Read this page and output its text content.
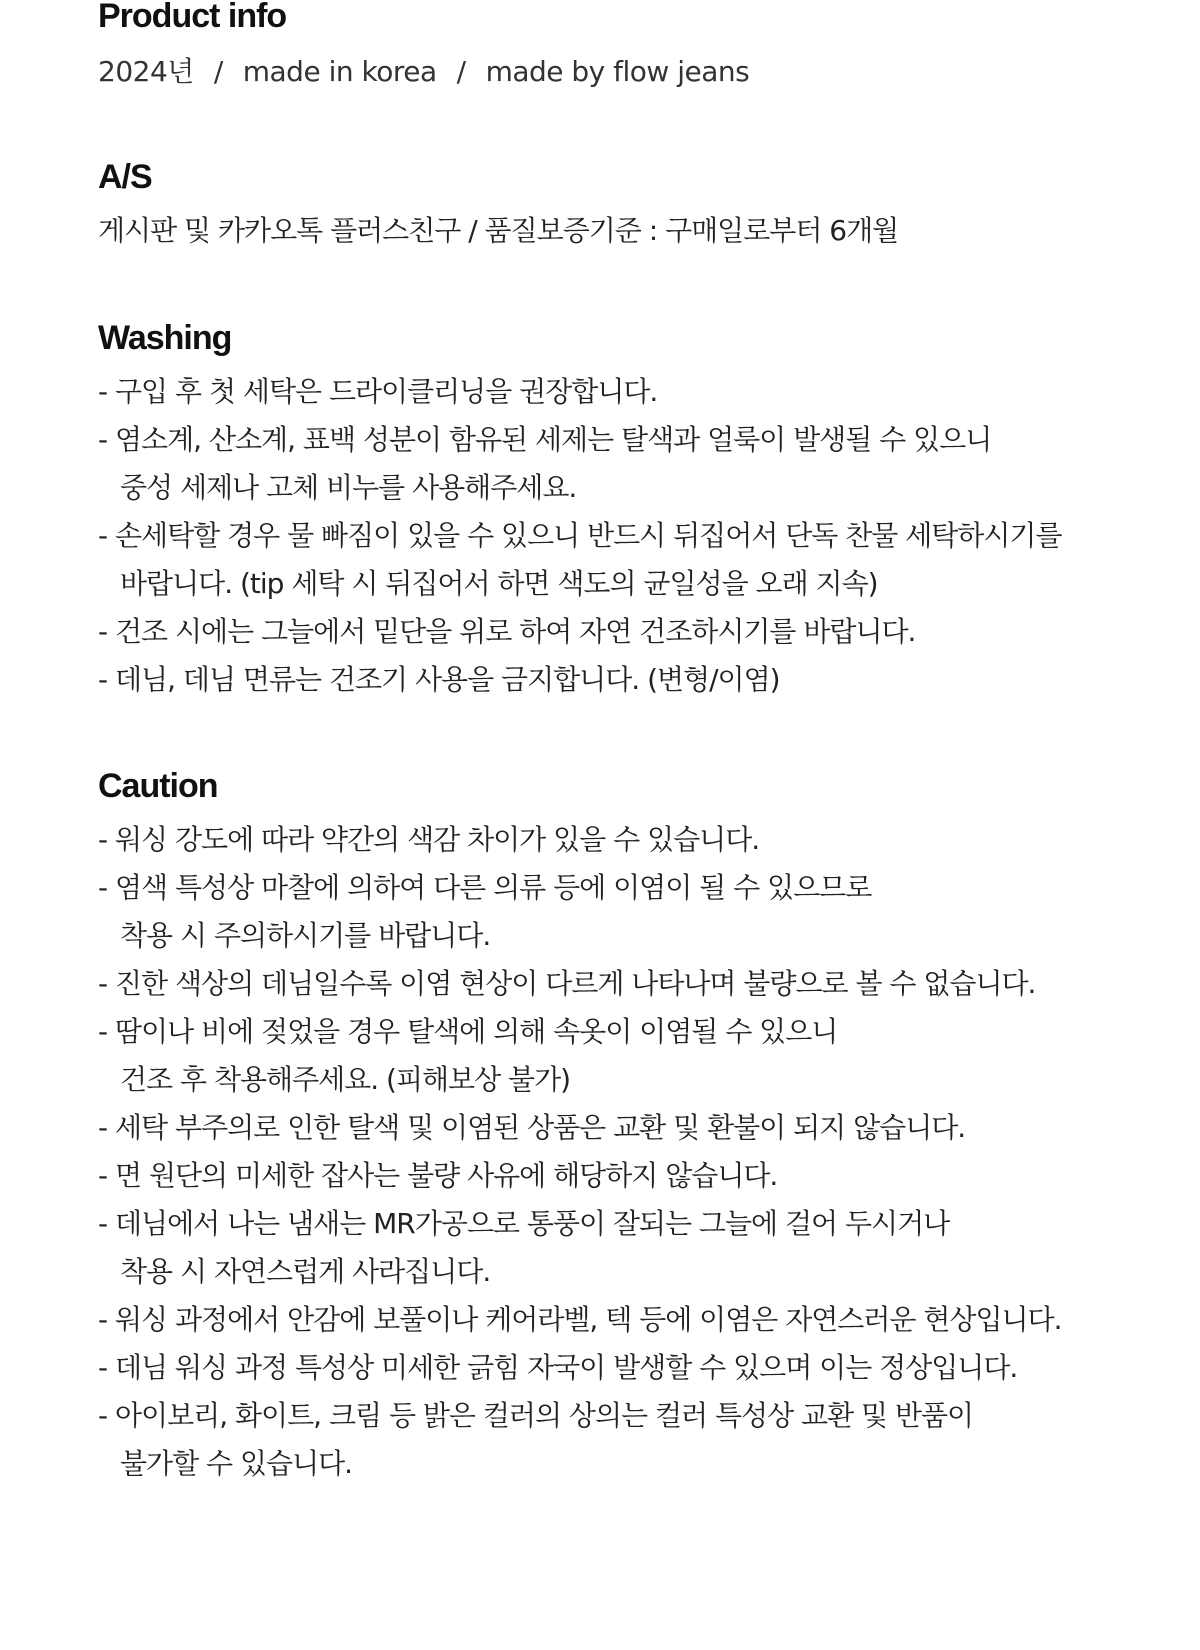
Product info

2024년 / made in korea / made by flow jeans

A/S

게시판 및 카카오톡 플러스친구 / 품질보증기준 : 구매일로부터 6개월

Washing

- 구입 후 첫 세탁은 드라이클리닝을 권장합니다.

- 염소계, 산소계, 표백 성분이 함유된 세제는 탈색과 얼룩이 발생될 수 있으니

중성 세제나 고체 비누를 사용해주세요.

- 손세탁할 경우 물 빠짐이 있을 수 있으니 반드시 뒤집어서 단독 찬물 세탁하시기를

바랍니다. (tip 세탁 시 뒤집어서 하면 색도의 균일성을 오래 지속)

- 건조 시에는 그늘에서 밑단을 위로 하여 자연 건조하시기를 바랍니다.

- 데님, 데님 면류는 건조기 사용을 금지합니다. (변형/이염)

Caution

- 워싱 강도에 따라 약간의 색감 차이가 있을 수 있습니다.

- 염색 특성상 마찰에 의하여 다른 의류 등에 이염이 될 수 있으므로

착용 시 주의하시기를 바랍니다.

- 진한 색상의 데님일수록 이염 현상이 다르게 나타나며 불량으로 볼 수 없습니다.

- 땀이나 비에 젖었을 경우 탈색에 의해 속옷이 이염될 수 있으니

건조 후 착용해주세요. (피해보상 불가)

- 세탁 부주의로 인한 탈색 및 이염된 상품은 교환 및 환불이 되지 않습니다.

- 면 원단의 미세한 잡사는 불량 사유에 해당하지 않습니다.

- 데님에서 나는 냄새는 MR가공으로 통풍이 잘되는 그늘에 걸어 두시거나

착용 시 자연스럽게 사라집니다.

- 워싱 과정에서 안감에 보풀이나 케어라벨, 텍 등에 이염은 자연스러운 현상입니다.

- 데님 워싱 과정 특성상 미세한 긁힘 자국이 발생할 수 있으며 이는 정상입니다.

- 아이보리, 화이트, 크림 등 밝은 컬러의 상의는 컬러 특성상 교환 및 반품이

불가할 수 있습니다.
